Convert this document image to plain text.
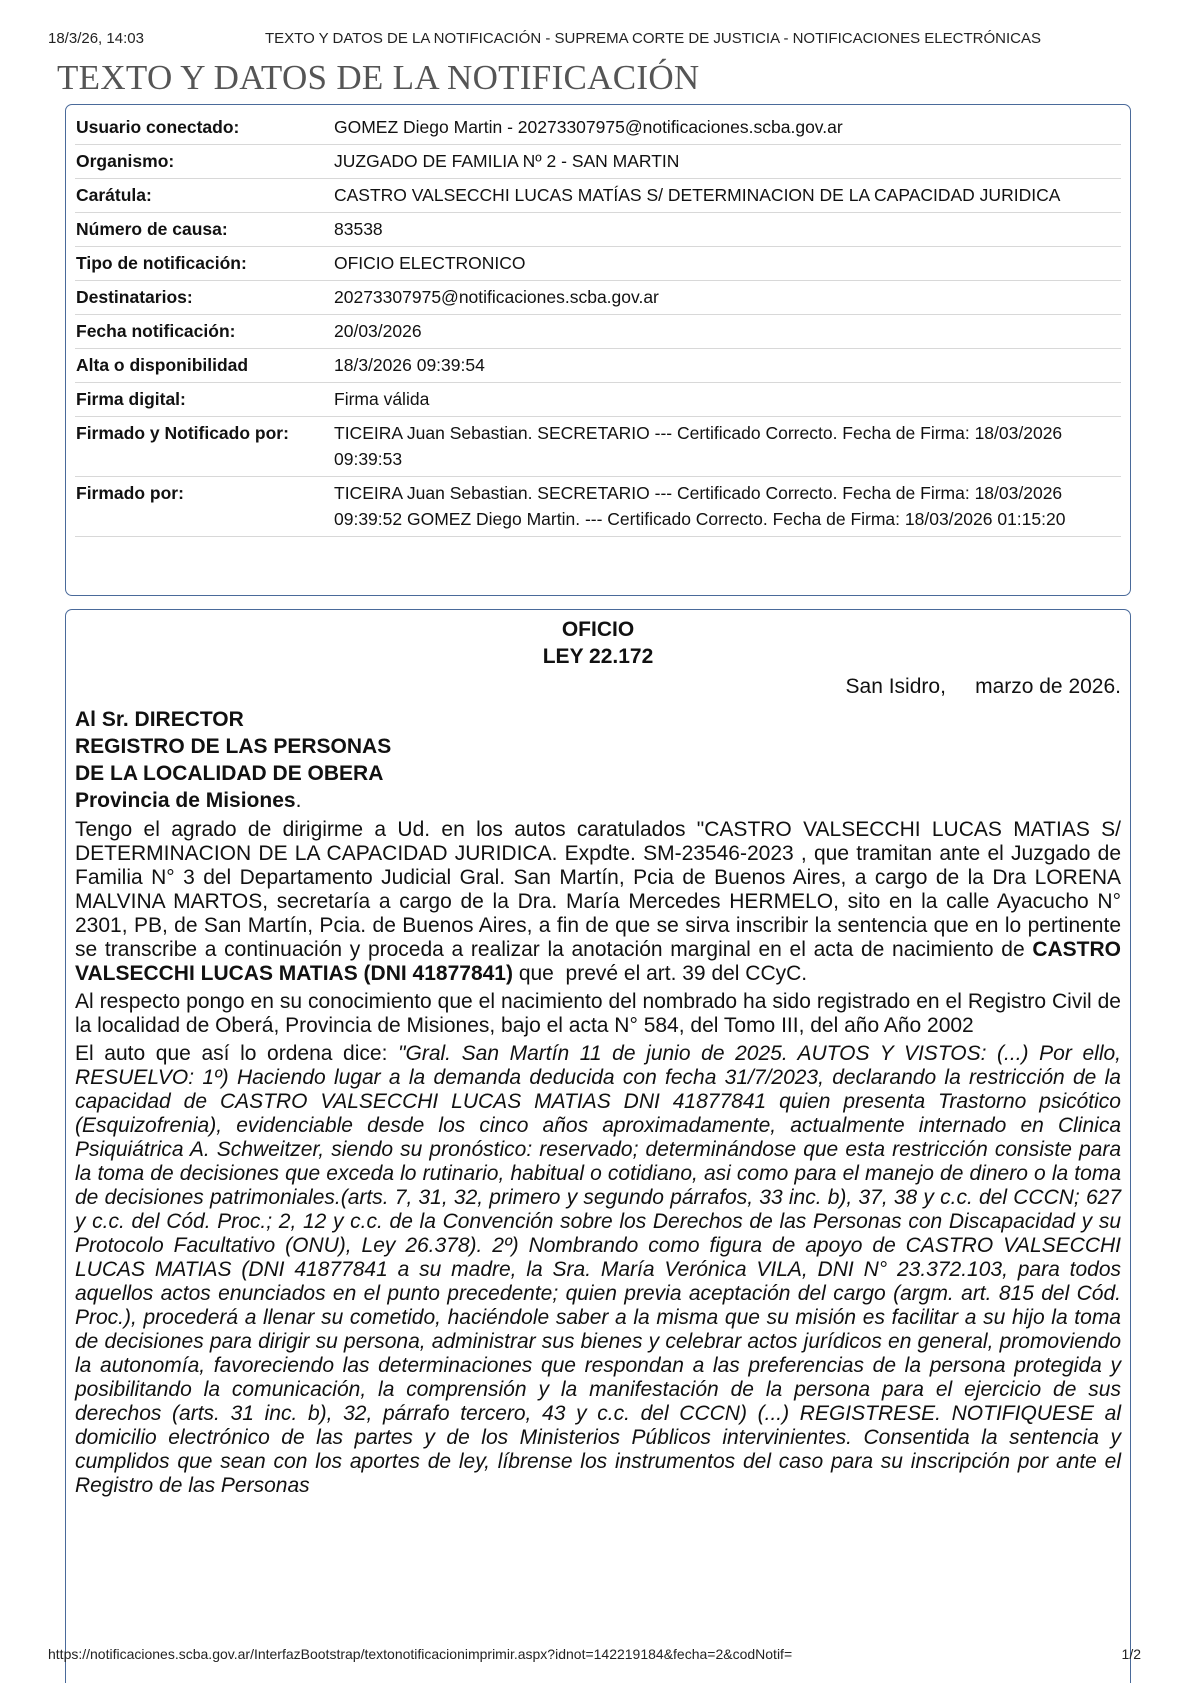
18/3/26, 14:03	TEXTO Y DATOS DE LA NOTIFICACIÓN - SUPREMA CORTE DE JUSTICIA - NOTIFICACIONES ELECTRÓNICAS
TEXTO Y DATOS DE LA NOTIFICACIÓN
Usuario conectado:	GOMEZ Diego Martin - 20273307975@notificaciones.scba.gov.ar
Organismo:	JUZGADO DE FAMILIA Nº 2 - SAN MARTIN
Carátula:	CASTRO VALSECCHI LUCAS MATÍAS S/ DETERMINACION DE LA CAPACIDAD JURIDICA
Número de causa:	83538
Tipo de notificación:	OFICIO ELECTRONICO
Destinatarios:	20273307975@notificaciones.scba.gov.ar
Fecha notificación:	20/03/2026
Alta o disponibilidad	18/3/2026 09:39:54
Firma digital:	Firma válida
Firmado y Notificado por:	TICEIRA Juan Sebastian. SECRETARIO --- Certificado Correcto. Fecha de Firma: 18/03/2026 09:39:53
Firmado por:	TICEIRA Juan Sebastian. SECRETARIO --- Certificado Correcto. Fecha de Firma: 18/03/2026 09:39:52 GOMEZ Diego Martin. --- Certificado Correcto. Fecha de Firma: 18/03/2026 01:15:20
OFICIO
LEY 22.172
San Isidro,     marzo de 2026.
Al Sr. DIRECTOR
REGISTRO DE LAS PERSONAS
DE LA LOCALIDAD DE OBERA
Provincia de Misiones.
Tengo el agrado de dirigirme a Ud. en los autos caratulados "CASTRO VALSECCHI LUCAS MATIAS S/ DETERMINACION DE LA CAPACIDAD JURIDICA. Expdte. SM-23546-2023 , que tramitan ante el Juzgado de Familia N° 3 del Departamento Judicial Gral. San Martín, Pcia de Buenos Aires, a cargo de la Dra LORENA MALVINA MARTOS, secretaría a cargo de la Dra. María Mercedes HERMELO, sito en la calle Ayacucho N° 2301, PB, de San Martín, Pcia. de Buenos Aires, a fin de que se sirva inscribir la sentencia que en lo pertinente se transcribe a continuación y proceda a realizar la anotación marginal en el acta de nacimiento de CASTRO VALSECCHI LUCAS MATIAS (DNI 41877841) que  prevé el art. 39 del CCyC.
Al respecto pongo en su conocimiento que el nacimiento del nombrado ha sido registrado en el Registro Civil de la localidad de Oberá, Provincia de Misiones, bajo el acta N° 584, del Tomo III, del año Año 2002
El auto que así lo ordena dice: "Gral. San Martín 11 de junio de 2025. AUTOS Y VISTOS: (...) Por ello, RESUELVO: 1º) Haciendo lugar a la demanda deducida con fecha 31/7/2023, declarando la restricción de la capacidad de CASTRO VALSECCHI LUCAS MATIAS DNI 41877841 quien presenta Trastorno psicótico (Esquizofrenia), evidenciable desde los cinco años aproximadamente, actualmente internado en Clinica Psiquiátrica A. Schweitzer, siendo su pronóstico: reservado; determinándose que esta restricción consiste para la toma de decisiones que exceda lo rutinario, habitual o cotidiano, asi como para el manejo de dinero o la toma de decisiones patrimoniales.(arts. 7, 31, 32, primero y segundo párrafos, 33 inc. b), 37, 38 y c.c. del CCCN; 627 y c.c. del Cód. Proc.; 2, 12 y c.c. de la Convención sobre los Derechos de las Personas con Discapacidad y su Protocolo Facultativo (ONU), Ley 26.378). 2º) Nombrando como figura de apoyo de CASTRO VALSECCHI LUCAS MATIAS (DNI 41877841 a su madre, la Sra. María Verónica VILA, DNI N° 23.372.103, para todos aquellos actos enunciados en el punto precedente; quien previa aceptación del cargo (argm. art. 815 del Cód. Proc.), procederá a llenar su cometido, haciéndole saber a la misma que su misión es facilitar a su hijo la toma de decisiones para dirigir su persona, administrar sus bienes y celebrar actos jurídicos en general, promoviendo la autonomía, favoreciendo las determinaciones que respondan a las preferencias de la persona protegida y posibilitando la comunicación, la comprensión y la manifestación de la persona para el ejercicio de sus derechos (arts. 31 inc. b), 32, párrafo tercero, 43 y c.c. del CCCN) (...) REGISTRESE. NOTIFIQUESE al domicilio electrónico de las partes y de los Ministerios Públicos intervinientes. Consentida la sentencia y cumplidos que sean con los aportes de ley, líbrense los instrumentos del caso para su inscripción por ante el Registro de las Personas
https://notificaciones.scba.gov.ar/InterfazBootstrap/textonotificacionimprimir.aspx?idnot=142219184&fecha=2&codNotif=	1/2
